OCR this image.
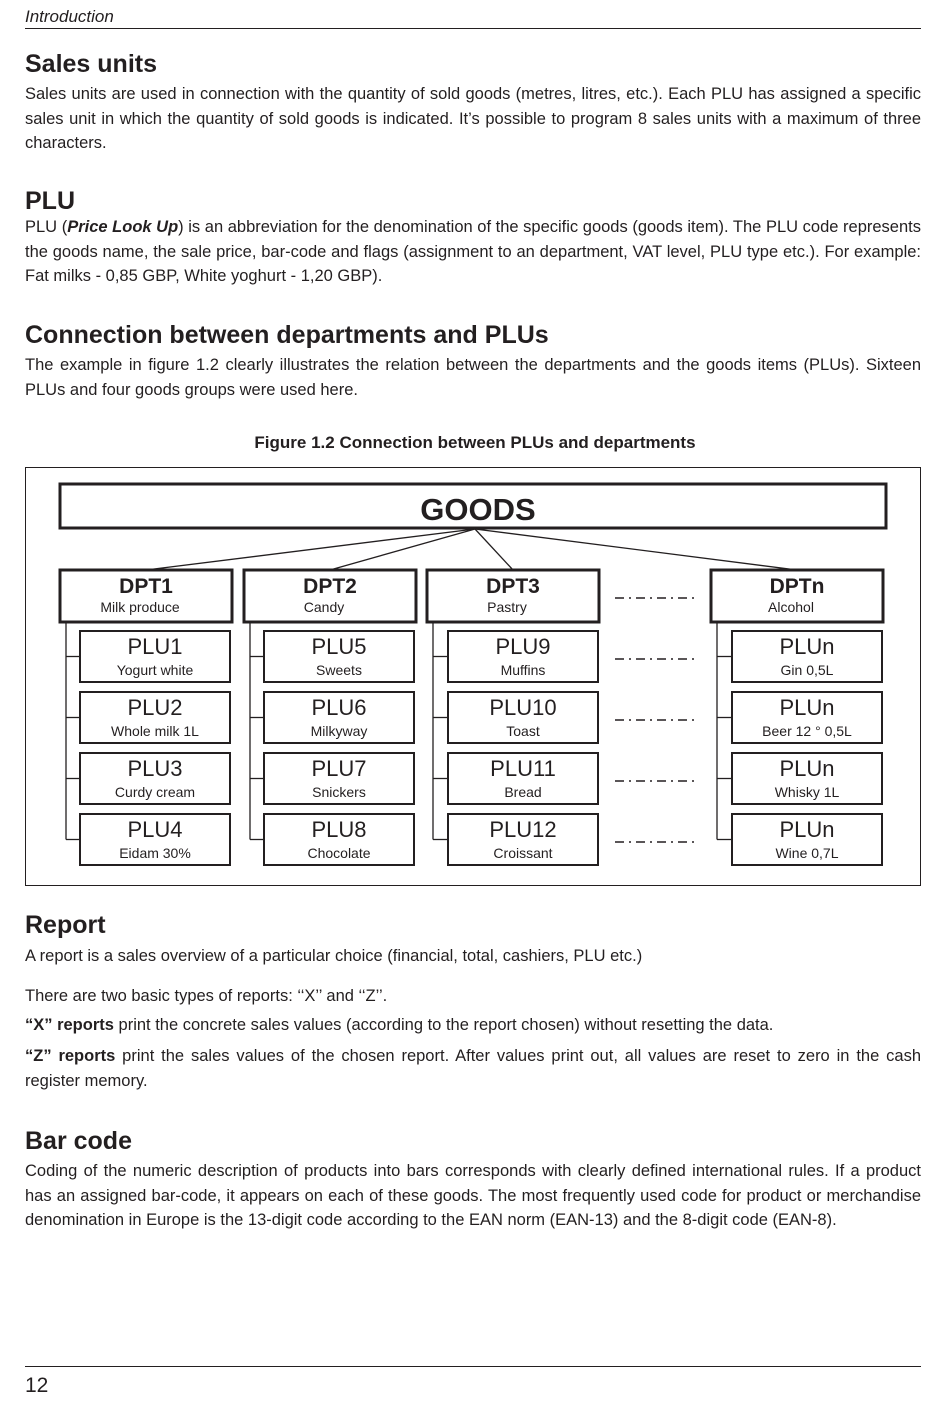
Introduction
Sales units

Sales units are used in connection with the quantity of sold goods (metres, litres, etc.). Each PLU has assigned a specific sales unit in which the quantity of sold goods is indicated. It’s possible to program 8 sales units with a maximum of three characters.

PLU

PLU (Price Look Up) is an abbreviation for the denomination of the specific goods (goods item). The PLU code represents the goods name, the sale price, bar-code and flags (assignment to an department, VAT level, PLU type etc.). For example: Fat milks - 0,85 GBP, White yoghurt - 1,20 GBP).

Connection between departments and PLUs

The example in figure 1.2 clearly illustrates the relation between the departments and the goods items (PLUs). Sixteen PLUs and four goods groups were used here.

Figure 1.2 Connection between PLUs and departments
GOODS
DPT1
Milk produce
PLU1
Yogurt white
PLU2
Whole milk 1L
PLU3
Curdy cream
PLU4
Eidam 30%
DPT2
Candy
PLU5
Sweets
PLU6
Milkyway
PLU7
Snickers
PLU8
Chocolate
DPT3
Pastry
PLU9
Muffins
PLU10
Toast
PLU11
Bread
PLU12
Croissant
DPTn
Alcohol
PLUn
Gin 0,5L
PLUn
Beer 12 ° 0,5L
PLUn
Whisky 1L
PLUn
Wine 0,7L
Report

A report is a sales overview of a particular choice (financial, total, cashiers, PLU etc.)

There are two basic types of reports: ‘‘X’’ and ‘‘Z’’.

“X” reports print the concrete sales values (according to the report chosen) without resetting the data.

“Z” reports print the sales values of the chosen report. After values print out, all values are reset to zero in the cash register memory.

Bar code

Coding of the numeric description of products into bars corresponds with clearly defined international rules. If a product has an assigned bar-code, it appears on each of these goods. The most frequently used code for product or merchandise denomination in Europe is the 13-digit code according to the EAN norm (EAN-13) and the 8-digit code (EAN-8).

12
